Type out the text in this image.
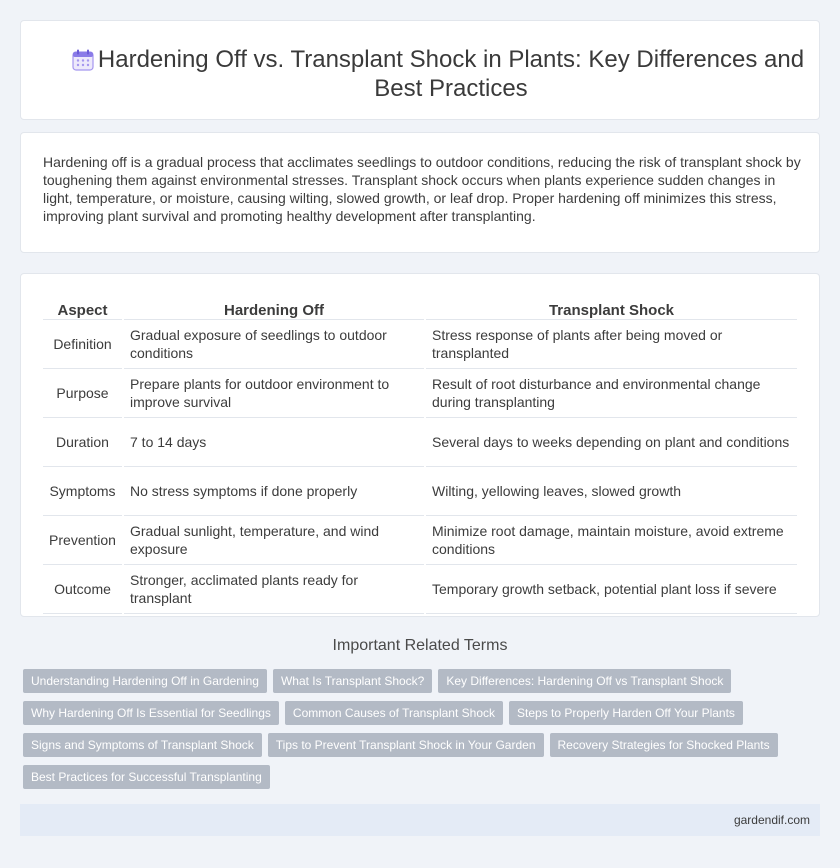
Hardening Off vs. Transplant Shock in Plants: Key Differences and Best Practices

Hardening off is a gradual process that acclimates seedlings to outdoor conditions, reducing the risk of transplant shock by toughening them against environmental stresses. Transplant shock occurs when plants experience sudden changes in light, temperature, or moisture, causing wilting, slowed growth, or leaf drop. Proper hardening off minimizes this stress, improving plant survival and promoting healthy development after transplanting.

Aspect	Hardening Off	Transplant Shock
Definition	Gradual exposure of seedlings to outdoor conditions	Stress response of plants after being moved or transplanted
Purpose	Prepare plants for outdoor environment to improve survival	Result of root disturbance and environmental change during transplanting
Duration	7 to 14 days	Several days to weeks depending on plant and conditions
Symptoms	No stress symptoms if done properly	Wilting, yellowing leaves, slowed growth
Prevention	Gradual sunlight, temperature, and wind exposure	Minimize root damage, maintain moisture, avoid extreme conditions
Outcome	Stronger, acclimated plants ready for transplant	Temporary growth setback, potential plant loss if severe
Important Related Terms
Understanding Hardening Off in Gardening	What Is Transplant Shock?	Key Differences: Hardening Off vs Transplant Shock
Why Hardening Off Is Essential for Seedlings	Common Causes of Transplant Shock	Steps to Properly Harden Off Your Plants
Signs and Symptoms of Transplant Shock	Tips to Prevent Transplant Shock in Your Garden	Recovery Strategies for Shocked Plants
Best Practices for Successful Transplanting
gardendif.com
